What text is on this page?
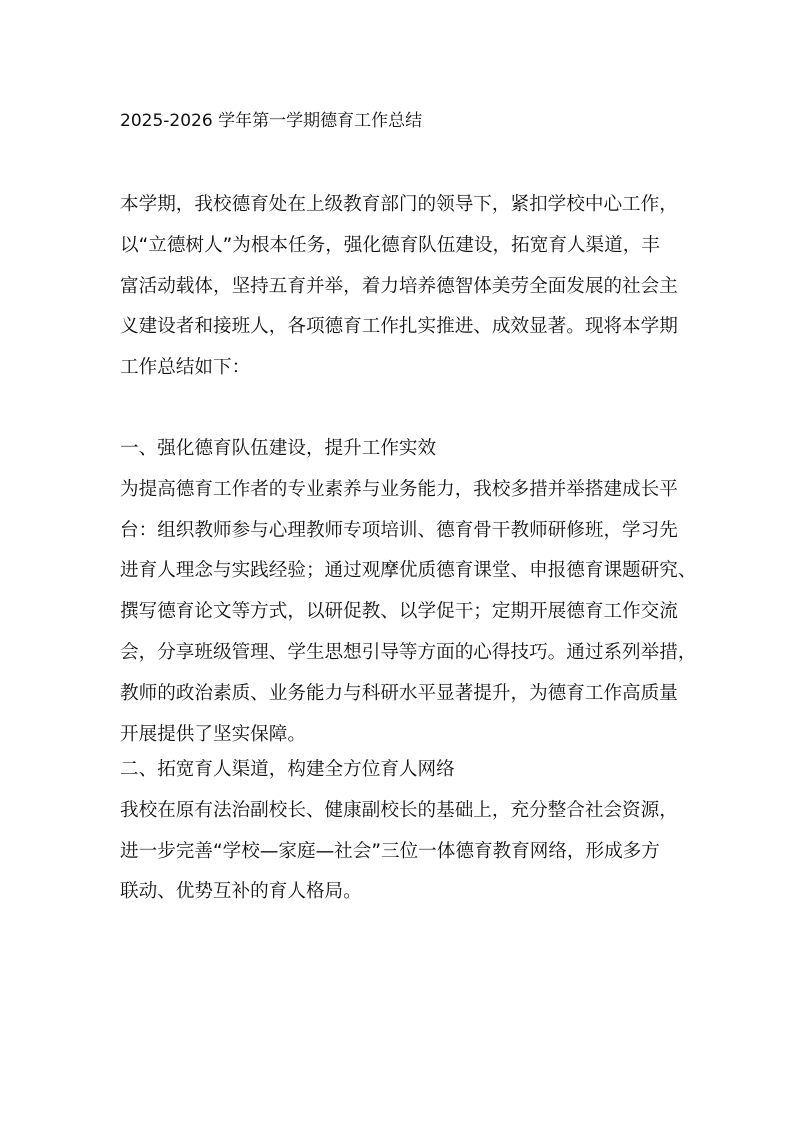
2025-2026 学年第一学期德育工作总结
本学期，我校德育处在上级教育部门的领导下，紧扣学校中心工作，
以“立德树人”为根本任务，强化德育队伍建设，拓宽育人渠道，丰
富活动载体，坚持五育并举，着力培养德智体美劳全面发展的社会主
义建设者和接班人，各项德育工作扎实推进、成效显著。现将本学期
工作总结如下：
一、强化德育队伍建设，提升工作实效
为提高德育工作者的专业素养与业务能力，我校多措并举搭建成长平
台：组织教师参与心理教师专项培训、德育骨干教师研修班，学习先
进育人理念与实践经验；通过观摩优质德育课堂、申报德育课题研究、
撰写德育论文等方式，以研促教、以学促干；定期开展德育工作交流
会，分享班级管理、学生思想引导等方面的心得技巧。通过系列举措，
教师的政治素质、业务能力与科研水平显著提升，为德育工作高质量
开展提供了坚实保障。
二、拓宽育人渠道，构建全方位育人网络
我校在原有法治副校长、健康副校长的基础上，充分整合社会资源，
进一步完善“学校—家庭—社会”三位一体德育教育网络，形成多方
联动、优势互补的育人格局。
